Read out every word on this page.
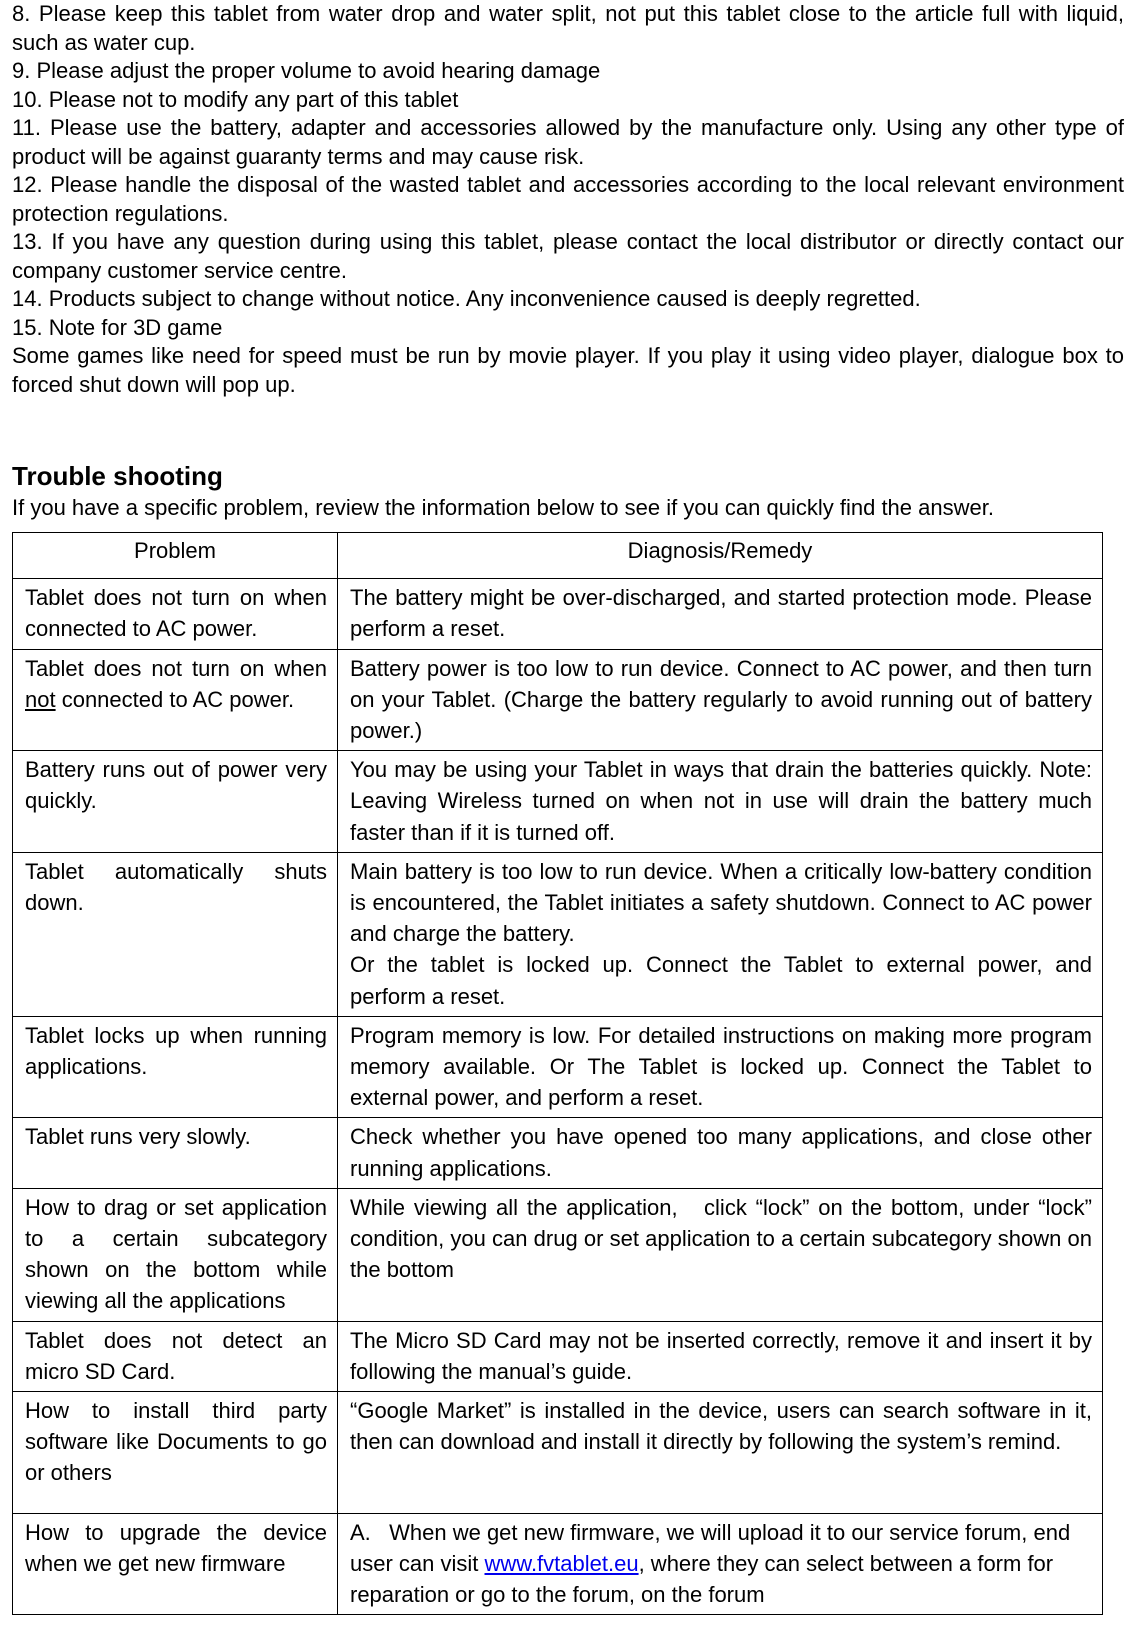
8. Please keep this tablet from water drop and water split, not put this tablet close to the article full with liquid, such as water cup.

9. Please adjust the proper volume to avoid hearing damage

10. Please not to modify any part of this tablet

11. Please use the battery, adapter and accessories allowed by the manufacture only. Using any other type of product will be against guaranty terms and may cause risk.

12. Please handle the disposal of the wasted tablet and accessories according to the local relevant environment protection regulations.

13. If you have any question during using this tablet, please contact the local distributor or directly contact our company customer service centre.

14. Products subject to change without notice. Any inconvenience caused is deeply regretted.

15. Note for 3D game

Some games like need for speed must be run by movie player. If you play it using video player, dialogue box to forced shut down will pop up.

Trouble shooting

If you have a specific problem, review the information below to see if you can quickly find the answer.

Problem	Diagnosis/Remedy
Tablet does not turn on when connected to AC power.	The battery might be over-discharged, and started protection mode. Please perform a reset.
Tablet does not turn on when not connected to AC power.	Battery power is too low to run device. Connect to AC power, and then turn on your Tablet. (Charge the battery regularly to avoid running out of battery power.)
Battery runs out of power very quickly.	You may be using your Tablet in ways that drain the batteries quickly. Note: Leaving Wireless turned on when not in use will drain the battery much faster than if it is turned off.
Tablet automatically shuts down.	Main battery is too low to run device. When a critically low-battery condition is encountered, the Tablet initiates a safety shutdown. Connect to AC power and charge the battery.

Or the tablet is locked up. Connect the Tablet to external power, and perform a reset.

Tablet locks up when running applications.	Program memory is low. For detailed instructions on making more program memory available. Or The Tablet is locked up. Connect the Tablet to external power, and perform a reset.
Tablet runs very slowly.	Check whether you have opened too many applications, and close other running applications.
How to drag or set application to a certain subcategory shown on the bottom while viewing all the applications	While viewing all the application,   click “lock” on the bottom, under “lock” condition, you can drug or set application to a certain subcategory shown on the bottom
Tablet does not detect an micro SD Card.	The Micro SD Card may not be inserted correctly, remove it and insert it by following the manual’s guide.
How to install third party software like Documents to go or others	“Google Market” is installed in the device, users can search software in it, then can download and install it directly by following the system’s remind.
How to upgrade the device when we get new firmware	A.   When we get new firmware, we will upload it to our service forum, end user can visit www.fvtablet.eu, where they can select between a form for reparation or go to the forum, on the forum
